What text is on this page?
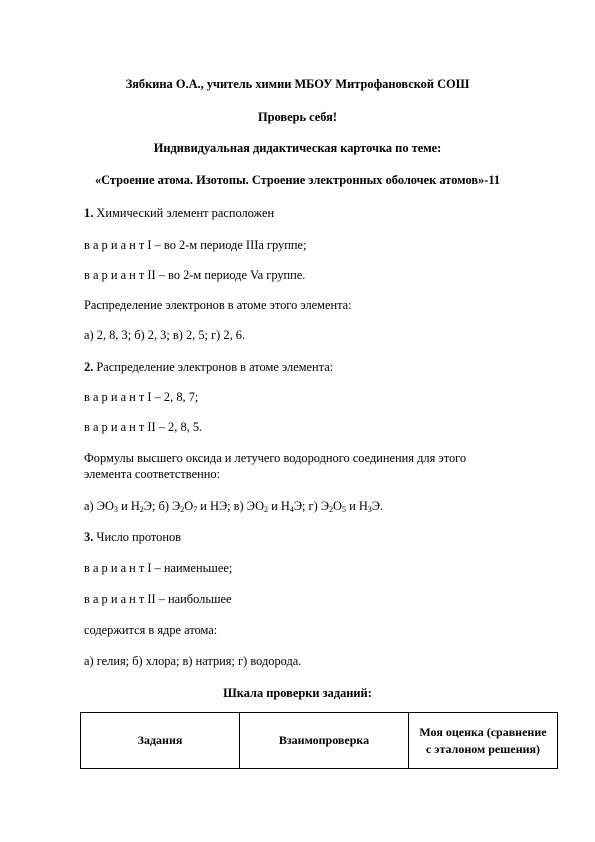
Зябкина О.А., учитель химии МБОУ Митрофановской СОШ
Проверь себя!
Индивидуальная дидактическая карточка по теме:
«Строение атома. Изотопы. Строение электронных оболочек атомов»-11
1. Химический элемент расположен
в а р и а н т I – во 2-м периоде IIIa группе;
в а р и а н т II – во 2-м периоде Va группе.
Распределение электронов в атоме этого элемента:
а) 2, 8, 3; б) 2, 3; в) 2, 5; г) 2, 6.
2. Распределение электронов в атоме элемента:
в а р и а н т I – 2, 8, 7;
в а р и а н т II – 2, 8, 5.
Формулы высшего оксида и летучего водородного соединения для этого
элемента соответственно:
а) $ЭО_3$ и $Н_2Э$; б) $Э_2О_7$ и НЭ; в) $ЭО_2$ и $Н_4Э$; г) $Э_2О_5$ и $Н_3Э$.
3. Число протонов
в а р и а н т I – наименьшее;
в а р и а н т II – наибольшее
содержится в ядре атома:
а) гелия; б) хлора; в) натрия; г) водорода.
Шкала проверки заданий:
Задания	Взаимопроверка	Моя оценка (сравнение
с эталоном решения)
